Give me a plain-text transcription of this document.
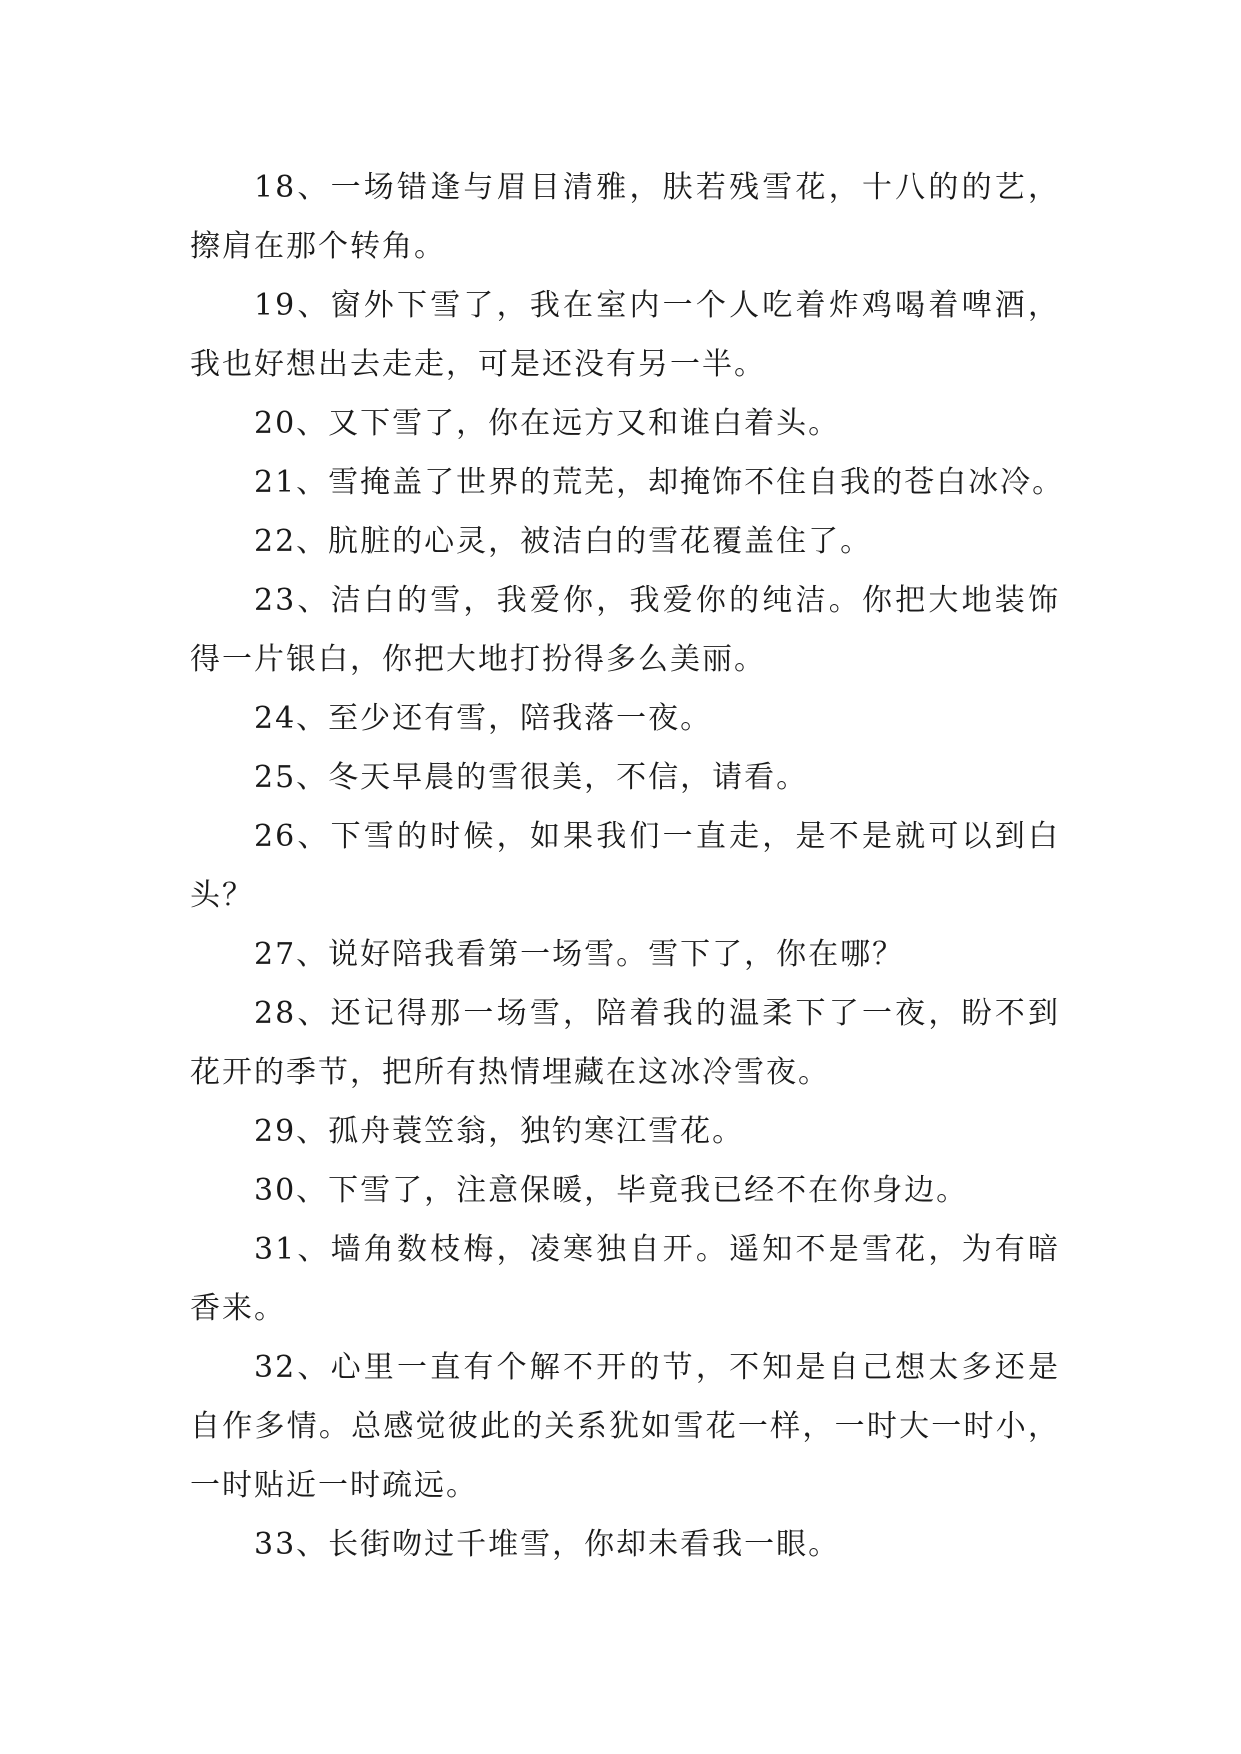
18、一场错逢与眉目清雅，肤若残雪花，十八的的艺，
擦肩在那个转角。
19、窗外下雪了，我在室内一个人吃着炸鸡喝着啤酒，
我也好想出去走走，可是还没有另一半。
20、又下雪了，你在远方又和谁白着头。
21、雪掩盖了世界的荒芜，却掩饰不住自我的苍白冰冷。
22、肮脏的心灵，被洁白的雪花覆盖住了。
23、洁白的雪，我爱你，我爱你的纯洁。你把大地装饰
得一片银白，你把大地打扮得多么美丽。
24、至少还有雪，陪我落一夜。
25、冬天早晨的雪很美，不信，请看。
26、下雪的时候，如果我们一直走，是不是就可以到白
头？
27、说好陪我看第一场雪。雪下了，你在哪？
28、还记得那一场雪，陪着我的温柔下了一夜，盼不到
花开的季节，把所有热情埋藏在这冰冷雪夜。
29、孤舟蓑笠翁，独钓寒江雪花。
30、下雪了，注意保暖，毕竟我已经不在你身边。
31、墙角数枝梅，凌寒独自开。遥知不是雪花，为有暗
香来。
32、心里一直有个解不开的节，不知是自己想太多还是
自作多情。总感觉彼此的关系犹如雪花一样，一时大一时小，
一时贴近一时疏远。
33、长街吻过千堆雪，你却未看我一眼。
